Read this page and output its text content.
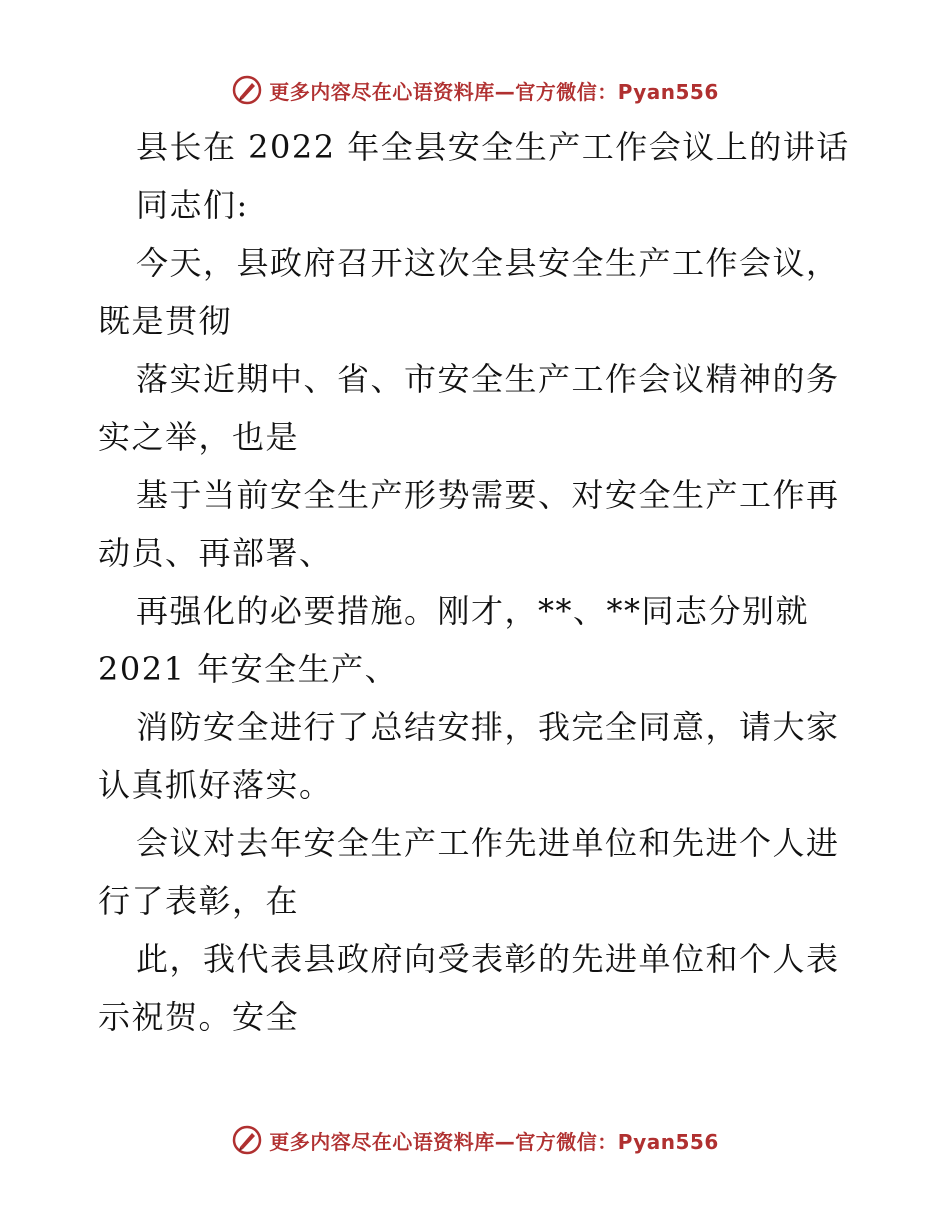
更多内容尽在心语资料库—官方微信：Pyan556
县长在 2022 年全县安全生产工作会议上的讲话
同志们:
今天，县政府召开这次全县安全生产工作会议，
既是贯彻
落实近期中、省、市安全生产工作会议精神的务
实之举，也是
基于当前安全生产形势需要、对安全生产工作再
动员、再部署、
再强化的必要措施。刚才，**、**同志分别就
2021 年安全生产、
消防安全进行了总结安排，我完全同意，请大家
认真抓好落实。
会议对去年安全生产工作先进单位和先进个人进
行了表彰，在
此，我代表县政府向受表彰的先进单位和个人表
示祝贺。安全
更多内容尽在心语资料库—官方微信：Pyan556
